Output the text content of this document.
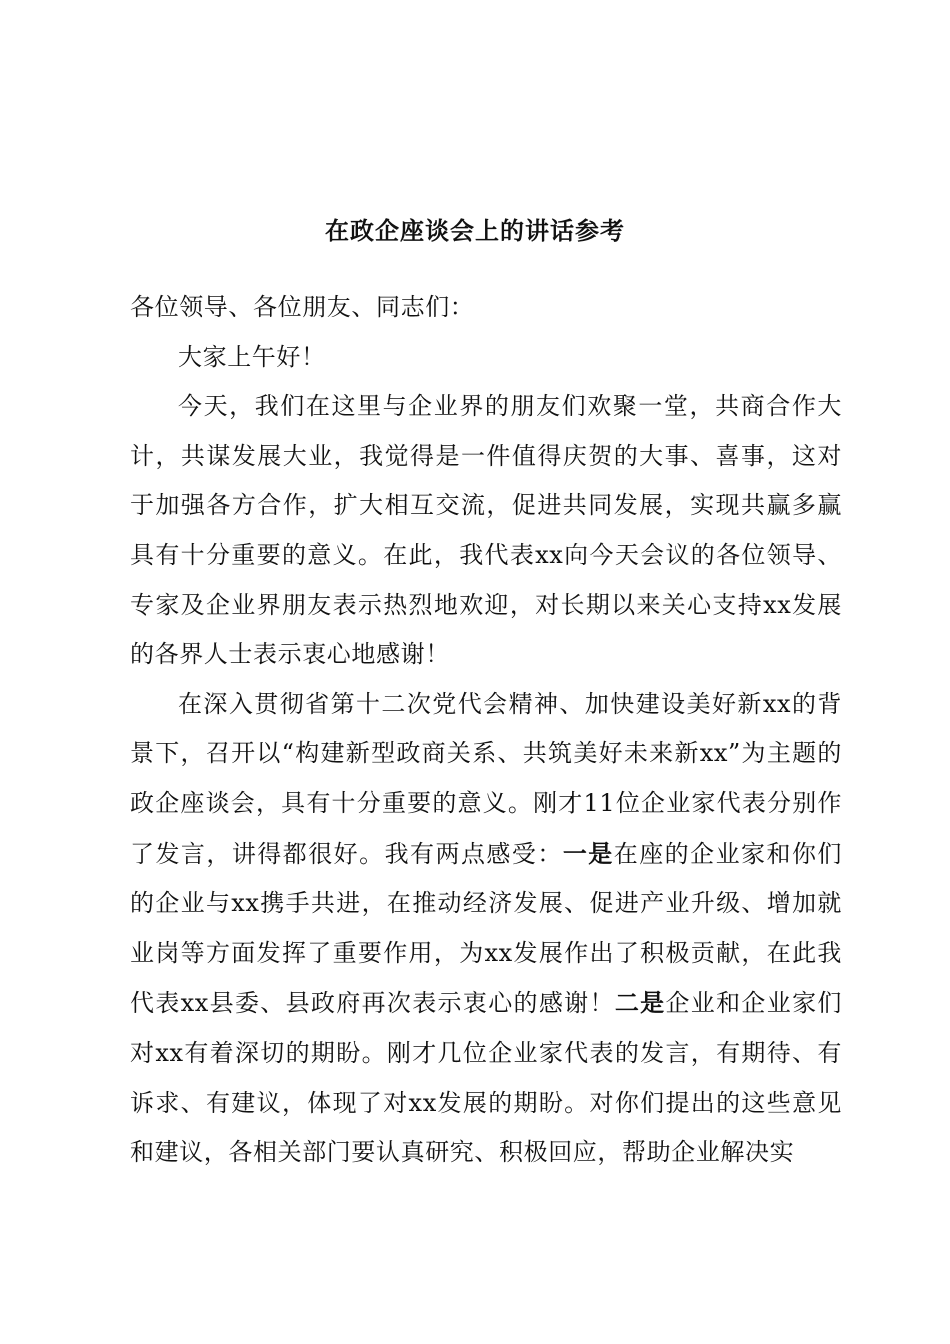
在政企座谈会上的讲话参考

各位领导、各位朋友、同志们：

大家上午好！

今天，我们在这里与企业界的朋友们欢聚一堂，共商合作大计，共谋发展大业，我觉得是一件值得庆贺的大事、喜事，这对于加强各方合作，扩大相互交流，促进共同发展，实现共赢多赢具有十分重要的意义。在此，我代表xx向今天会议的各位领导、专家及企业界朋友表示热烈地欢迎，对长期以来关心支持xx发展的各界人士表示衷心地感谢！

在深入贯彻省第十二次党代会精神、加快建设美好新xx的背景下，召开以“构建新型政商关系、共筑美好未来新xx”为主题的政企座谈会，具有十分重要的意义。刚才11位企业家代表分别作了发言，讲得都很好。我有两点感受：一是在座的企业家和你们的企业与xx携手共进，在推动经济发展、促进产业升级、增加就业岗等方面发挥了重要作用，为xx发展作出了积极贡献，在此我代表xx县委、县政府再次表示衷心的感谢！二是企业和企业家们对xx有着深切的期盼。刚才几位企业家代表的发言，有期待、有诉求、有建议，体现了对xx发展的期盼。对你们提出的这些意见和建议，各相关部门要认真研究、积极回应，帮助企业解决实
